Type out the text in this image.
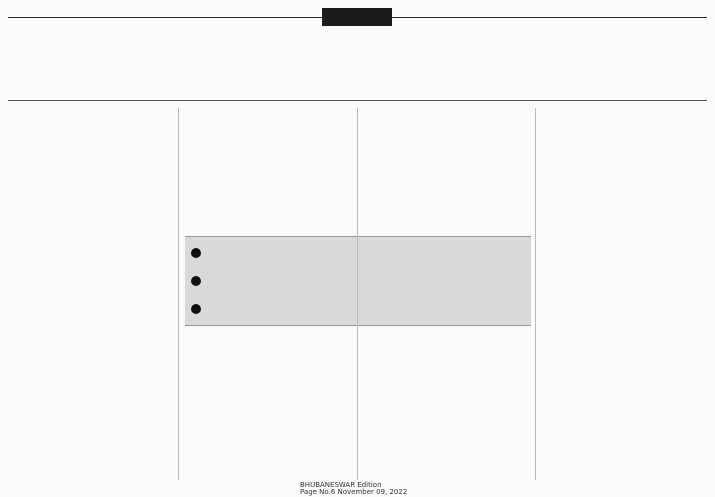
BHUBANESWAR Edition
Page No.6 November 09, 2022
